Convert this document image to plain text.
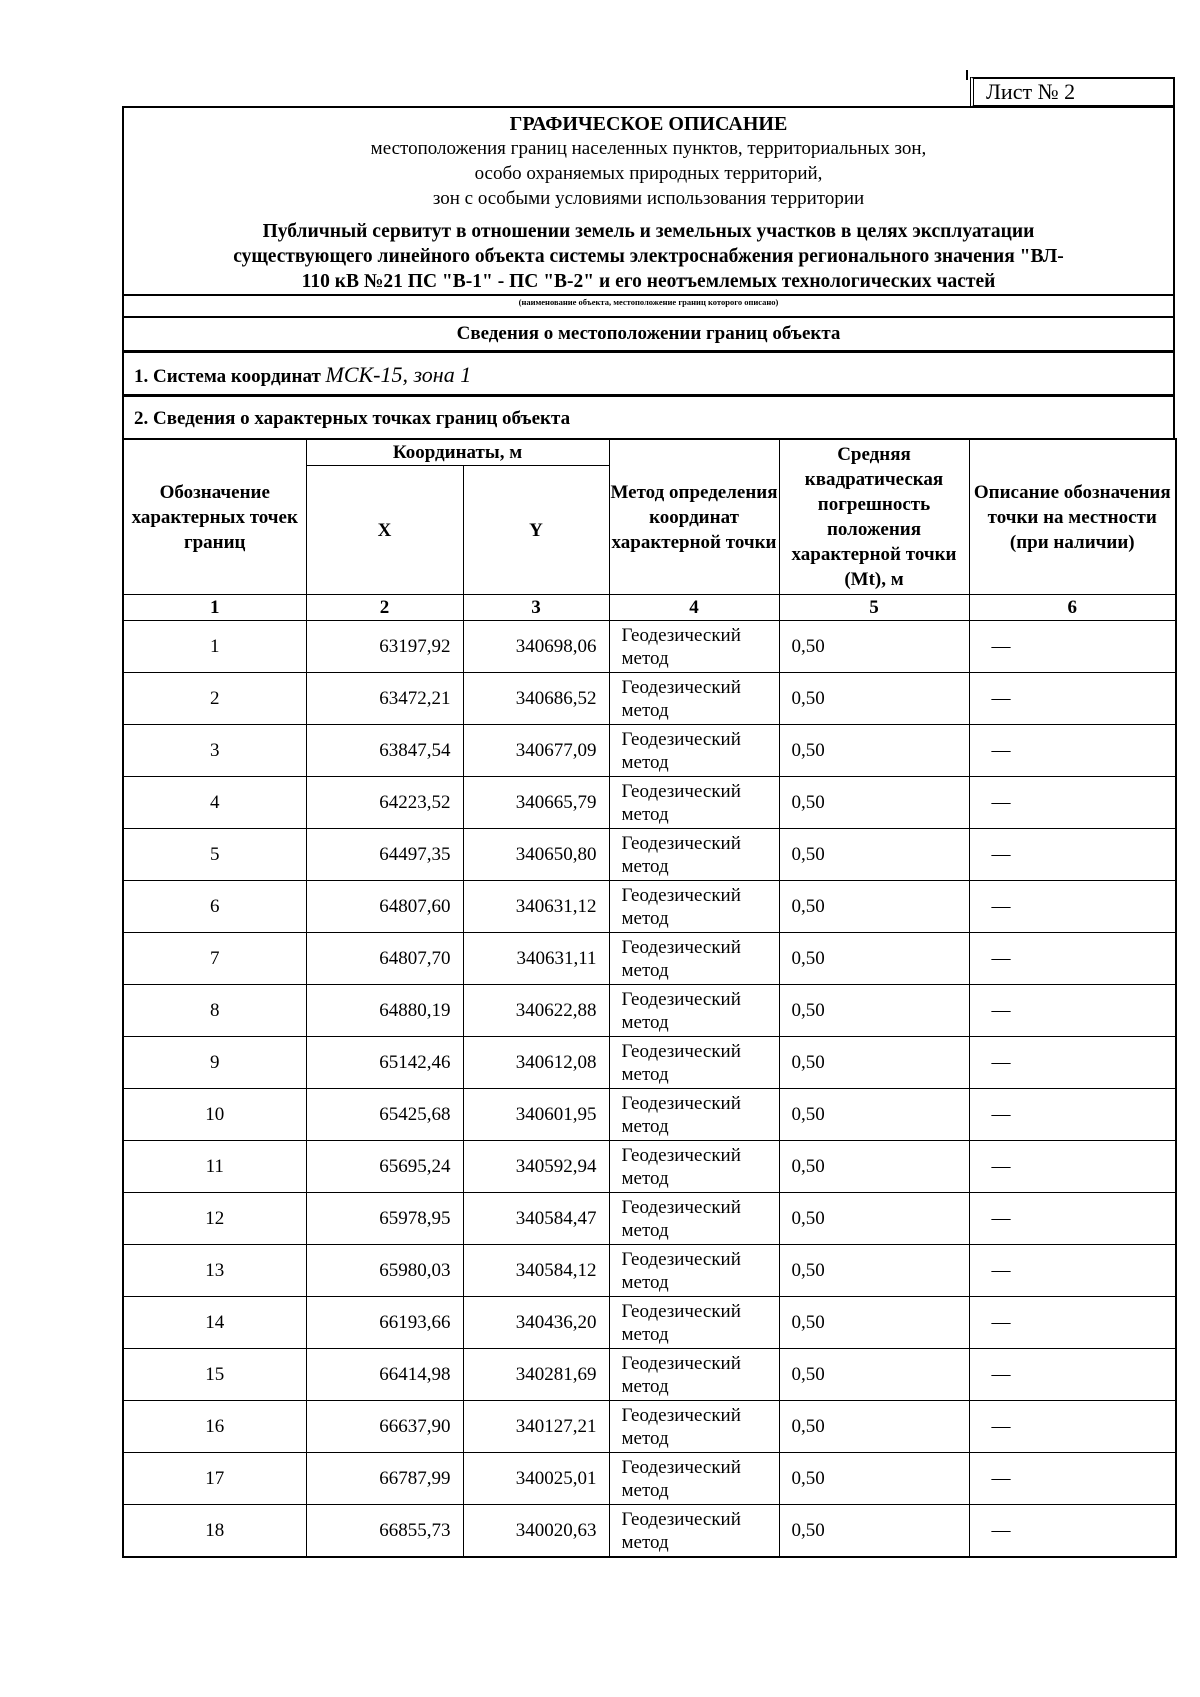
Лист № 2
ГРАФИЧЕСКОЕ ОПИСАНИЕ
местоположения границ населенных пунктов, территориальных зон,
особо охраняемых природных территорий,
зон с особыми условиями использования территории
Публичный сервитут в отношении земель и земельных участков в целях эксплуатации
существующего линейного объекта системы электроснабжения регионального значения "ВЛ-
110 кВ №21 ПС "В-1" - ПС "В-2" и его неотъемлемых технологических частей
(наименование объекта, местоположение границ которого описано)
Сведения о местоположении границ объекта
1. Система координат МСК-15, зона 1
2. Сведения о характерных точках границ объекта
Обозначение характерных точек границ	Координаты, м		Метод определения координат характерной точки	Средняя квадратическая погрешность положения характерной точки (Mt), м	Описание обозначения точки на местности (при наличии)
	X	Y			
1	2	3	4	5	6
1	63197,92	340698,06	Геодезический метод	0,50	—
2	63472,21	340686,52	Геодезический метод	0,50	—
3	63847,54	340677,09	Геодезический метод	0,50	—
4	64223,52	340665,79	Геодезический метод	0,50	—
5	64497,35	340650,80	Геодезический метод	0,50	—
6	64807,60	340631,12	Геодезический метод	0,50	—
7	64807,70	340631,11	Геодезический метод	0,50	—
8	64880,19	340622,88	Геодезический метод	0,50	—
9	65142,46	340612,08	Геодезический метод	0,50	—
10	65425,68	340601,95	Геодезический метод	0,50	—
11	65695,24	340592,94	Геодезический метод	0,50	—
12	65978,95	340584,47	Геодезический метод	0,50	—
13	65980,03	340584,12	Геодезический метод	0,50	—
14	66193,66	340436,20	Геодезический метод	0,50	—
15	66414,98	340281,69	Геодезический метод	0,50	—
16	66637,90	340127,21	Геодезический метод	0,50	—
17	66787,99	340025,01	Геодезический метод	0,50	—
18	66855,73	340020,63	Геодезический метод	0,50	—
